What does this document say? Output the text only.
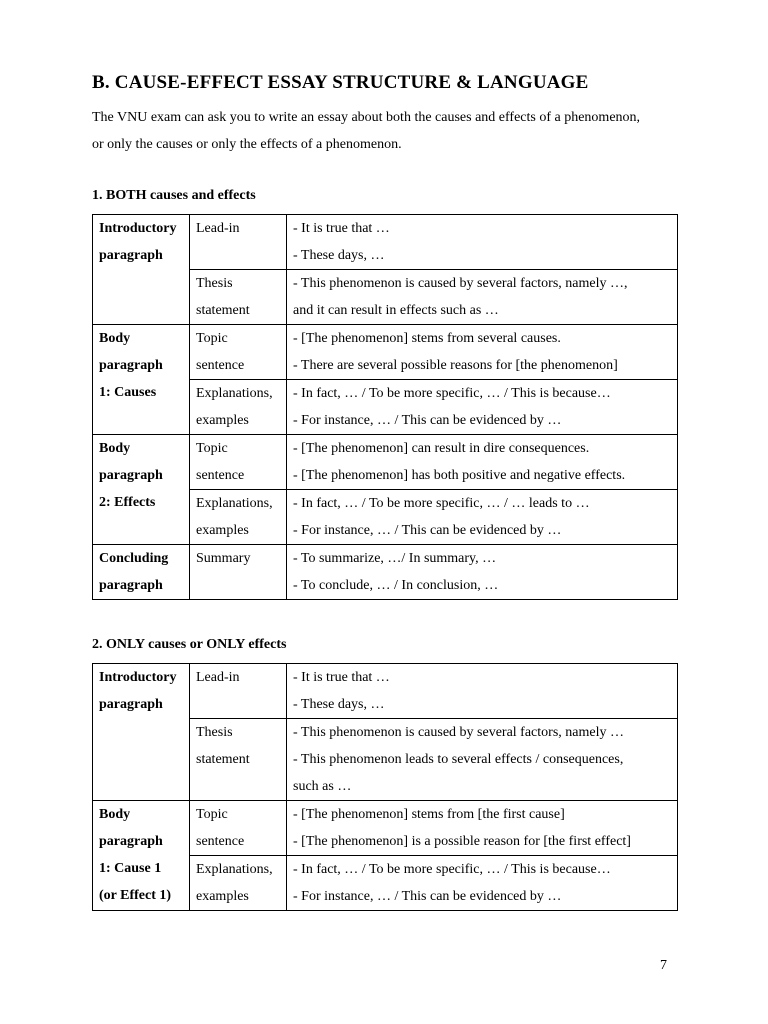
B. CAUSE-EFFECT ESSAY STRUCTURE & LANGUAGE

The VNU exam can ask you to write an essay about both the causes and effects of a phenomenon,

or only the causes or only the effects of a phenomenon.

1. BOTH causes and effects
Introductory
paragraph	Lead-in	- It is true that …
- These days, …

	Thesis
statement	- This phenomenon is caused by several factors, namely …,
and it can result in effects such as …

Body
paragraph
1: Causes	Topic
sentence	- [The phenomenon] stems from several causes.
- There are several possible reasons for [the phenomenon]

	Explanations,
examples	- In fact, … / To be more specific, … / This is because…
- For instance, … / This can be evidenced by …

Body
paragraph
2: Effects	Topic
sentence	- [The phenomenon] can result in dire consequences.
- [The phenomenon] has both positive and negative effects.

	Explanations,
examples	- In fact, … / To be more specific, … / … leads to …
- For instance, … / This can be evidenced by …

Concluding
paragraph	Summary	- To summarize, …/ In summary, …
- To conclude, … / In conclusion, …
2. ONLY causes or ONLY effects
Introductory
paragraph	Lead-in	- It is true that …
- These days, …

	Thesis
statement	- This phenomenon is caused by several factors, namely …
- This phenomenon leads to several effects / consequences,
such as …

Body
paragraph
1: Cause 1
(or Effect 1)	Topic
sentence	- [The phenomenon] stems from [the first cause]
- [The phenomenon] is a possible reason for [the first effect]

	Explanations,
examples	- In fact, … / To be more specific, … / This is because…
- For instance, … / This can be evidenced by …
7
